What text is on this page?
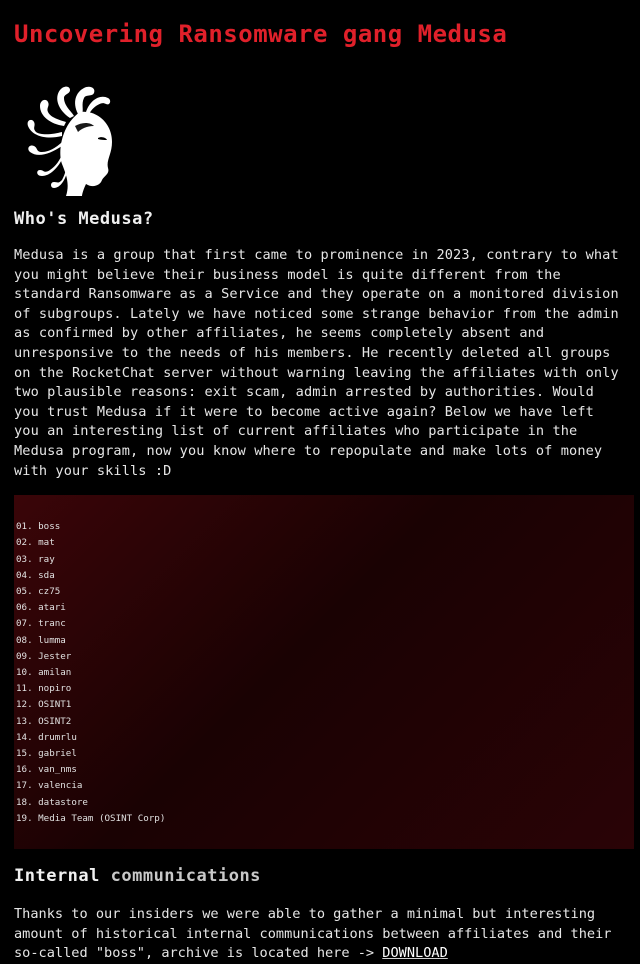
Uncovering Ransomware gang Medusa
Who's Medusa?

Medusa is a group that first came to prominence in 2023, contrary to what you might believe their business model is quite different from the standard Ransomware as a Service and they operate on a monitored division of subgroups. Lately we have noticed some strange behavior from the admin as confirmed by other affiliates, he seems completely absent and unresponsive to the needs of his members. He recently deleted all groups on the RocketChat server without warning leaving the affiliates with only two plausible reasons: exit scam, admin arrested by authorities. Would you trust Medusa if it were to become active again? Below we have left you an interesting list of current affiliates who participate in the Medusa program, now you know where to repopulate and make lots of money with your skills :D

01. boss
02. mat
03. ray
04. sda
05. cz75
06. atari
07. tranc
08. lumma
09. Jester
10. amilan
11. nopiro
12. OSINT1
13. OSINT2
14. drumrlu
15. gabriel
16. van_nms
17. valencia
18. datastore
19. Media Team (OSINT Corp)
Internal communications

Thanks to our insiders we were able to gather a minimal but interesting amount of historical internal communications between affiliates and their so-called "boss", archive is located here -> DOWNLOAD
